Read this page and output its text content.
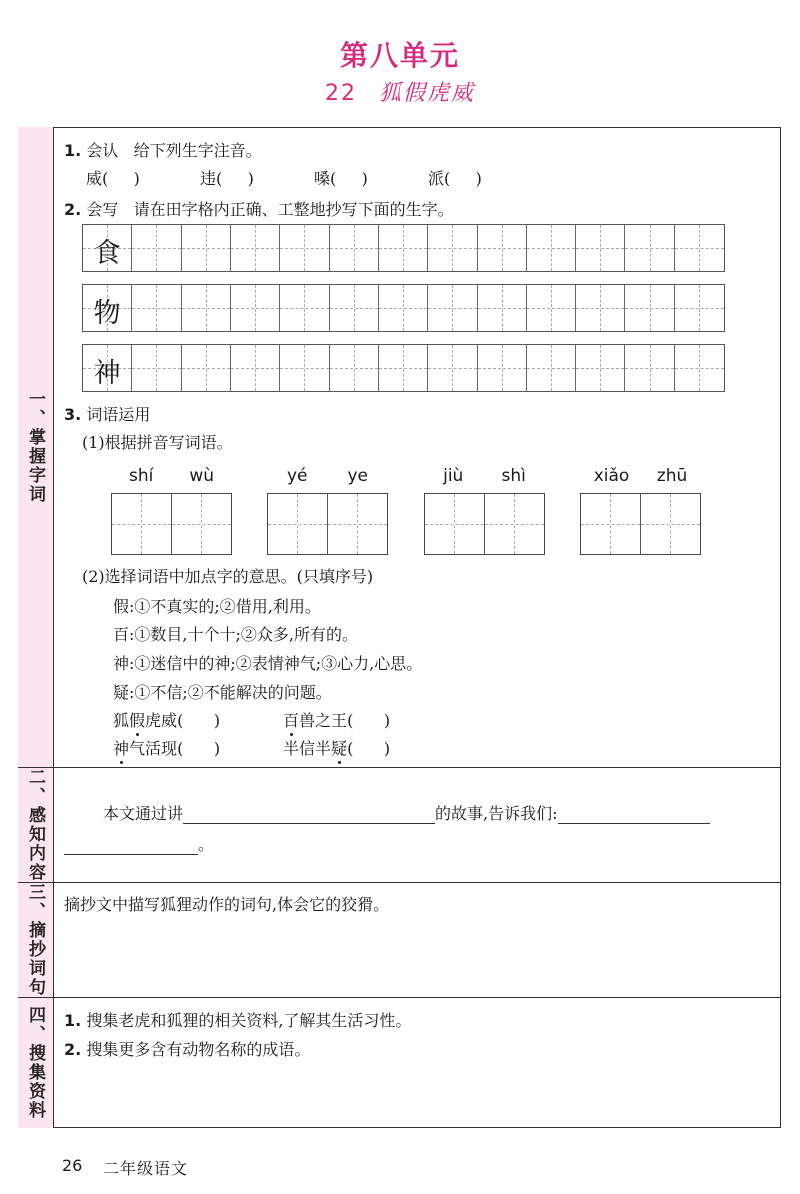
第八单元
22 狐假虎威
一、掌握字词
二、感知内容
三、摘抄词句
四、搜集资料
1. 会认 给下列生字注音。
威(     )	违(     )	嗓(     )	派(     )
2. 会写 请在田字格内正确、工整地抄写下面的生字。
食
物
神
3. 词语运用
(1)根据拼音写词语。
shí wù	yé ye	jiù shì	xiǎo zhū
(2)选择词语中加点字的意思。(只填序号)
假:①不真实的;②借用,利用。
百:①数目,十个十;②众多,所有的。
神:①迷信中的神;②表情神气;③心力,心思。
疑:①不信;②不能解决的问题。
狐假虎威(      )	百兽之王(      )
神气活现(      )	半信半疑(      )
本文通过讲	的故事,告诉我们:
。
摘抄文中描写狐狸动作的词句,体会它的狡猾。
1. 搜集老虎和狐狸的相关资料,了解其生活习性。
2. 搜集更多含有动物名称的成语。
26 二年级语文
